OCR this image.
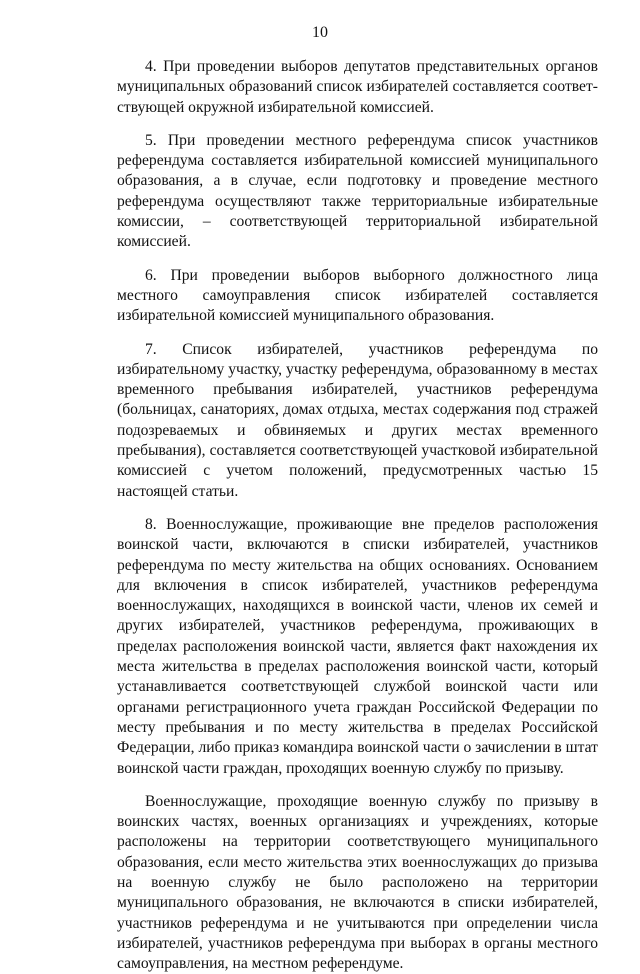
10

4. При проведении выборов депутатов представительных органов муниципальных образований список избирателей составляется соответствующей окружной избирательной комиссией.

5. При проведении местного референдума список участников референдума составляется избирательной комиссией муниципального образования, а в случае, если подготовку и проведение местного референдума осуществляют также территориальные избирательные комиссии, – соответствующей территориальной избирательной комиссией.

6. При проведении выборов выборного должностного лица местного самоуправления список избирателей составляется избирательной комиссией муниципального образования.

7. Список избирателей, участников референдума по избирательному участку, участку референдума, образованному в местах временного пребывания избирателей, участников референдума (больницах, санаториях, домах отдыха, местах содержания под стражей подозреваемых и обвиняемых и других местах временного пребывания), составляется соответствующей участковой избирательной комиссией с учетом положений, предусмотренных частью 15 настоящей статьи.

8. Военнослужащие, проживающие вне пределов расположения воинской части, включаются в списки избирателей, участников референдума по месту жительства на общих основаниях. Основанием для включения в список избирателей, участников референдума военнослужащих, находящихся в воинской части, членов их семей и других избирателей, участников референдума, проживающих в пределах расположения воинской части, является факт нахождения их места жительства в пределах расположения воинской части, который устанавливается соответствующей службой воинской части или органами регистрационного учета граждан Российской Федерации по месту пребывания и по месту жительства в пределах Российской Федерации, либо приказ командира воинской части о зачислении в штат воинской части граждан, проходящих военную службу по призыву.

Военнослужащие, проходящие военную службу по призыву в воинских частях, военных организациях и учреждениях, которые расположены на территории соответствующего муниципального образования, если место жительства этих военнослужащих до призыва на военную службу не было расположено на территории муниципального образования, не включаются в списки избирателей, участников референдума и не учитываются при определении числа избирателей, участников референдума при выборах в органы местного самоуправления, на местном референдуме.
